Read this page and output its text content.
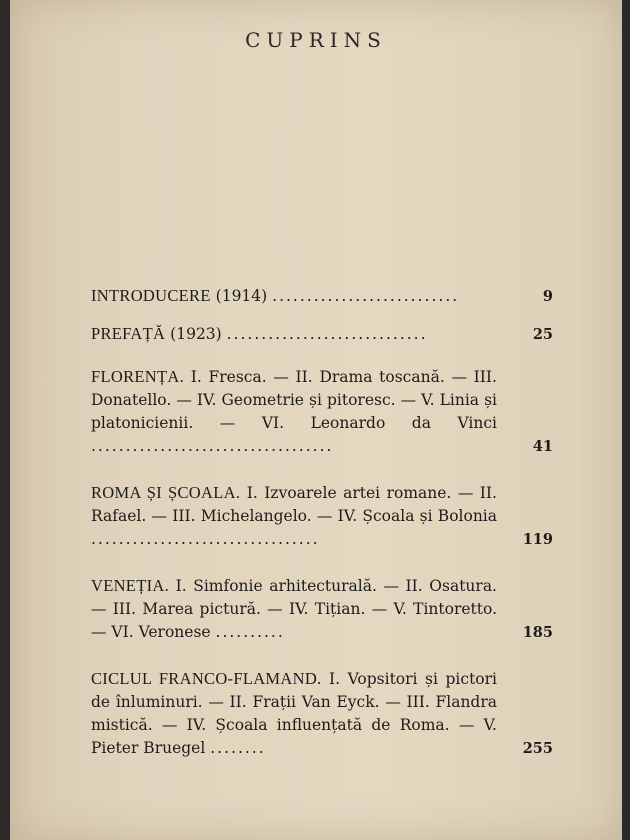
CUPRINS
INTRODUCERE (1914) ...........................	9
PREFAȚĂ (1923) .............................	25
FLORENȚA. I. Fresca. — II. Drama toscană. — III. Donatello. — IV. Geometrie și pitoresc. — V. Linia și platonicienii. — VI. Leonardo da Vinci ...................................	41
ROMA ȘI ȘCOALA. I. Izvoarele artei romane. — II. Rafael. — III. Michelangelo. — IV. Școala și Bolonia .................................	119
VENEȚIA. I. Simfonie arhitecturală. — II. Osatura. — III. Marea pictură. — IV. Tițian. — V. Tintoretto. — VI. Veronese ..........	185
CICLUL FRANCO-FLAMAND. I. Vopsitori și pictori de înluminuri. — II. Frații Van Eyck. — III. Flandra mistică. — IV. Școala influențată de Roma. — V. Pieter Bruegel ........	255
